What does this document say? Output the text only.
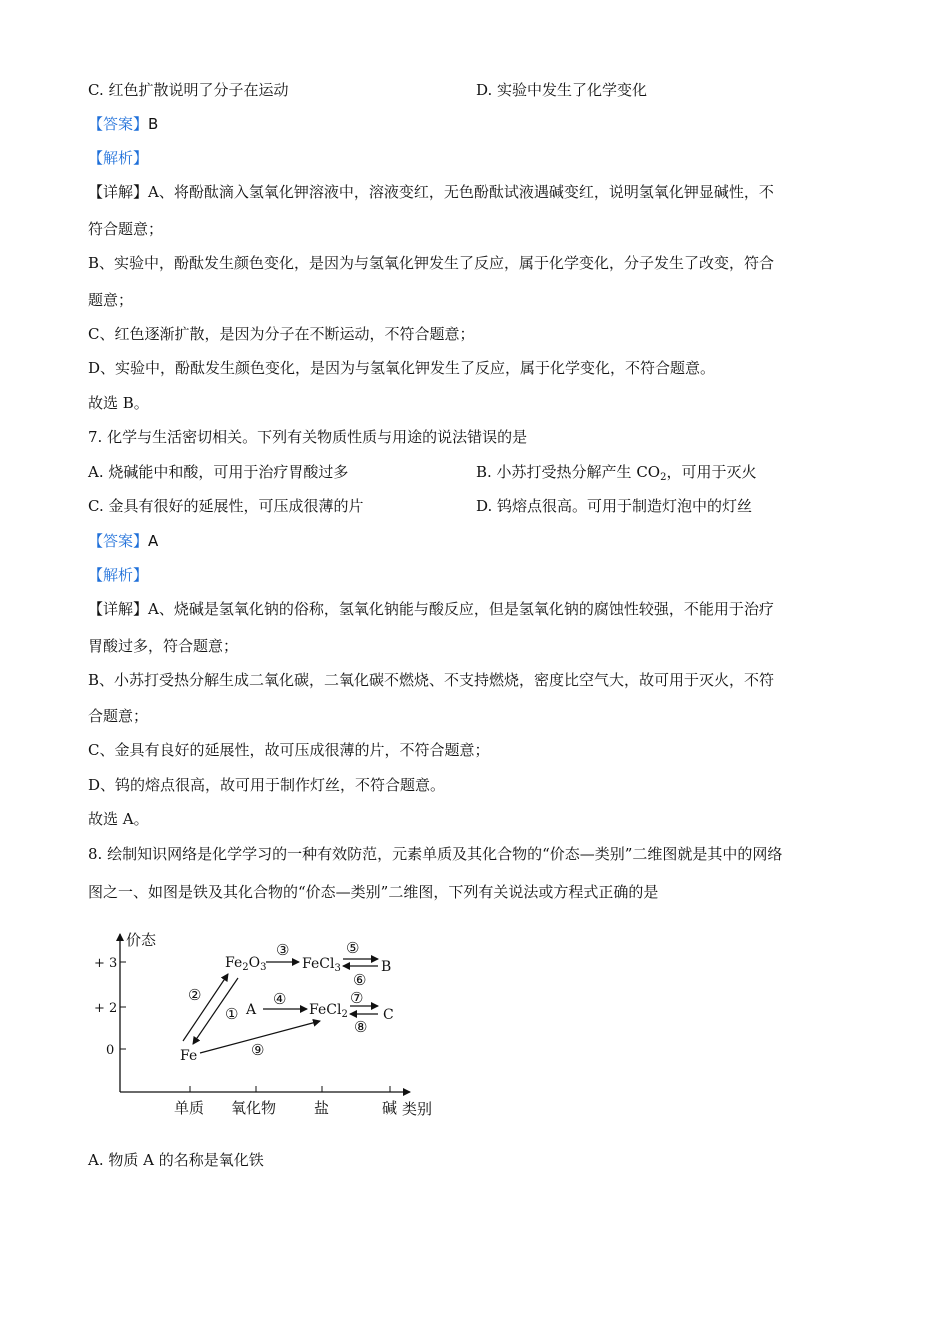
C. 红色扩散说明了分子在运动	D. 实验中发生了化学变化
【答案】B
【解析】
【详解】A、将酚酞滴入氢氧化钾溶液中，溶液变红，无色酚酞试液遇碱变红，说明氢氧化钾显碱性，不
符合题意；
B、实验中，酚酞发生颜色变化，是因为与氢氧化钾发生了反应，属于化学变化，分子发生了改变，符合
题意；
C、红色逐渐扩散，是因为分子在不断运动，不符合题意；
D、实验中，酚酞发生颜色变化，是因为与氢氧化钾发生了反应，属于化学变化，不符合题意。
故选 B。
7. 化学与生活密切相关。下列有关物质性质与用途的说法错误的是
A. 烧碱能中和酸，可用于治疗胃酸过多	B. 小苏打受热分解产生 $CO_2$，可用于灭火
C. 金具有很好的延展性，可压成很薄的片	D. 钨熔点很高。可用于制造灯泡中的灯丝
【答案】A
【解析】
【详解】A、烧碱是氢氧化钠的俗称，氢氧化钠能与酸反应，但是氢氧化钠的腐蚀性较强，不能用于治疗
胃酸过多，符合题意；
B、小苏打受热分解生成二氧化碳，二氧化碳不燃烧、不支持燃烧，密度比空气大，故可用于灭火，不符
合题意；
C、金具有良好的延展性，故可压成很薄的片，不符合题意；
D、钨的熔点很高，故可用于制作灯丝，不符合题意。
故选 A。
8. 绘制知识网络是化学学习的一种有效防范，元素单质及其化合物的“价态—类别”二维图就是其中的网络
图之一、如图是铁及其化合物的“价态—类别”二维图，下列有关说法或方程式正确的是
价态
类别
+ 3
+ 2
0
单质 氧化物	盐	碱
$Fe_2O_3$	FeCl$_3$	B
A	FeCl$_2$	C
Fe
①
②
③
④
⑤
⑥
⑦
⑧
⑨
A. 物质 A 的名称是氧化铁
